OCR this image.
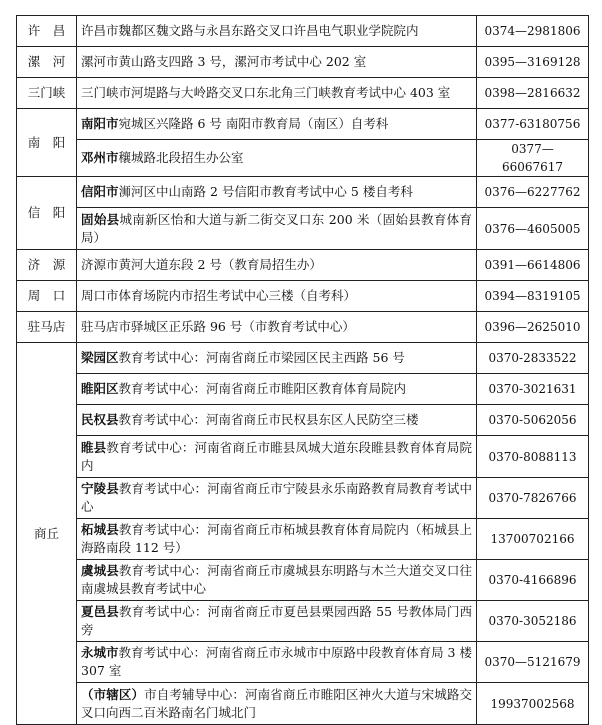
许　昌	许昌市魏都区魏文路与永昌东路交叉口许昌电气职业学院院内	0374—2981806
漯　河	漯河市黄山路支四路 3 号，漯河市考试中心 202 室	0395—3169128
三门峡	三门峡市河堤路与大岭路交叉口东北角三门峡教育考试中心 403 室	0398—2816632
南　阳	南阳市宛城区兴隆路 6 号 南阳市教育局（南区）自考科	0377-63180756
	邓州市穰城路北段招生办公室	0377—66067617
信　阳	信阳市浉河区中山南路 2 号信阳市教育考试中心 5 楼自考科	0376—6227762
	固始县城南新区怡和大道与新二街交叉口东 200 米（固始县教育体育局）	0376—4605005
济　源	济源市黄河大道东段 2 号（教育局招生办）	0391—6614806
周　口	周口市体育场院内市招生考试中心三楼（自考科）	0394—8319105
驻马店	驻马店市驿城区正乐路 96 号（市教育考试中心）	0396—2625010
商丘	梁园区教育考试中心：河南省商丘市梁园区民主西路 56 号	0370-2833522
	睢阳区教育考试中心：河南省商丘市睢阳区教育体育局院内	0370-3021631
	民权县教育考试中心：河南省商丘市民权县东区人民防空三楼	0370-5062056
	睢县教育考试中心：河南省商丘市睢县凤城大道东段睢县教育体育局院内	0370-8088113
	宁陵县教育考试中心：河南省商丘市宁陵县永乐南路教育局教育考试中心	0370-7826766
	柘城县教育考试中心：河南省商丘市柘城县教育体育局院内（柘城县上海路南段 112 号）	13700702166
	虞城县教育考试中心：河南省商丘市虞城县东明路与木兰大道交叉口往南虞城县教育考试中心	0370-4166896
	夏邑县教育考试中心：河南省商丘市夏邑县栗园西路 55 号教体局门西旁	0370-3052186
	永城市教育考试中心：河南省商丘市永城市中原路中段教育体育局 3 楼 307 室	0370—5121679
	（市辖区）市自考辅导中心：河南省商丘市睢阳区神火大道与宋城路交叉口向西二百米路南名门城北门	19937002568
